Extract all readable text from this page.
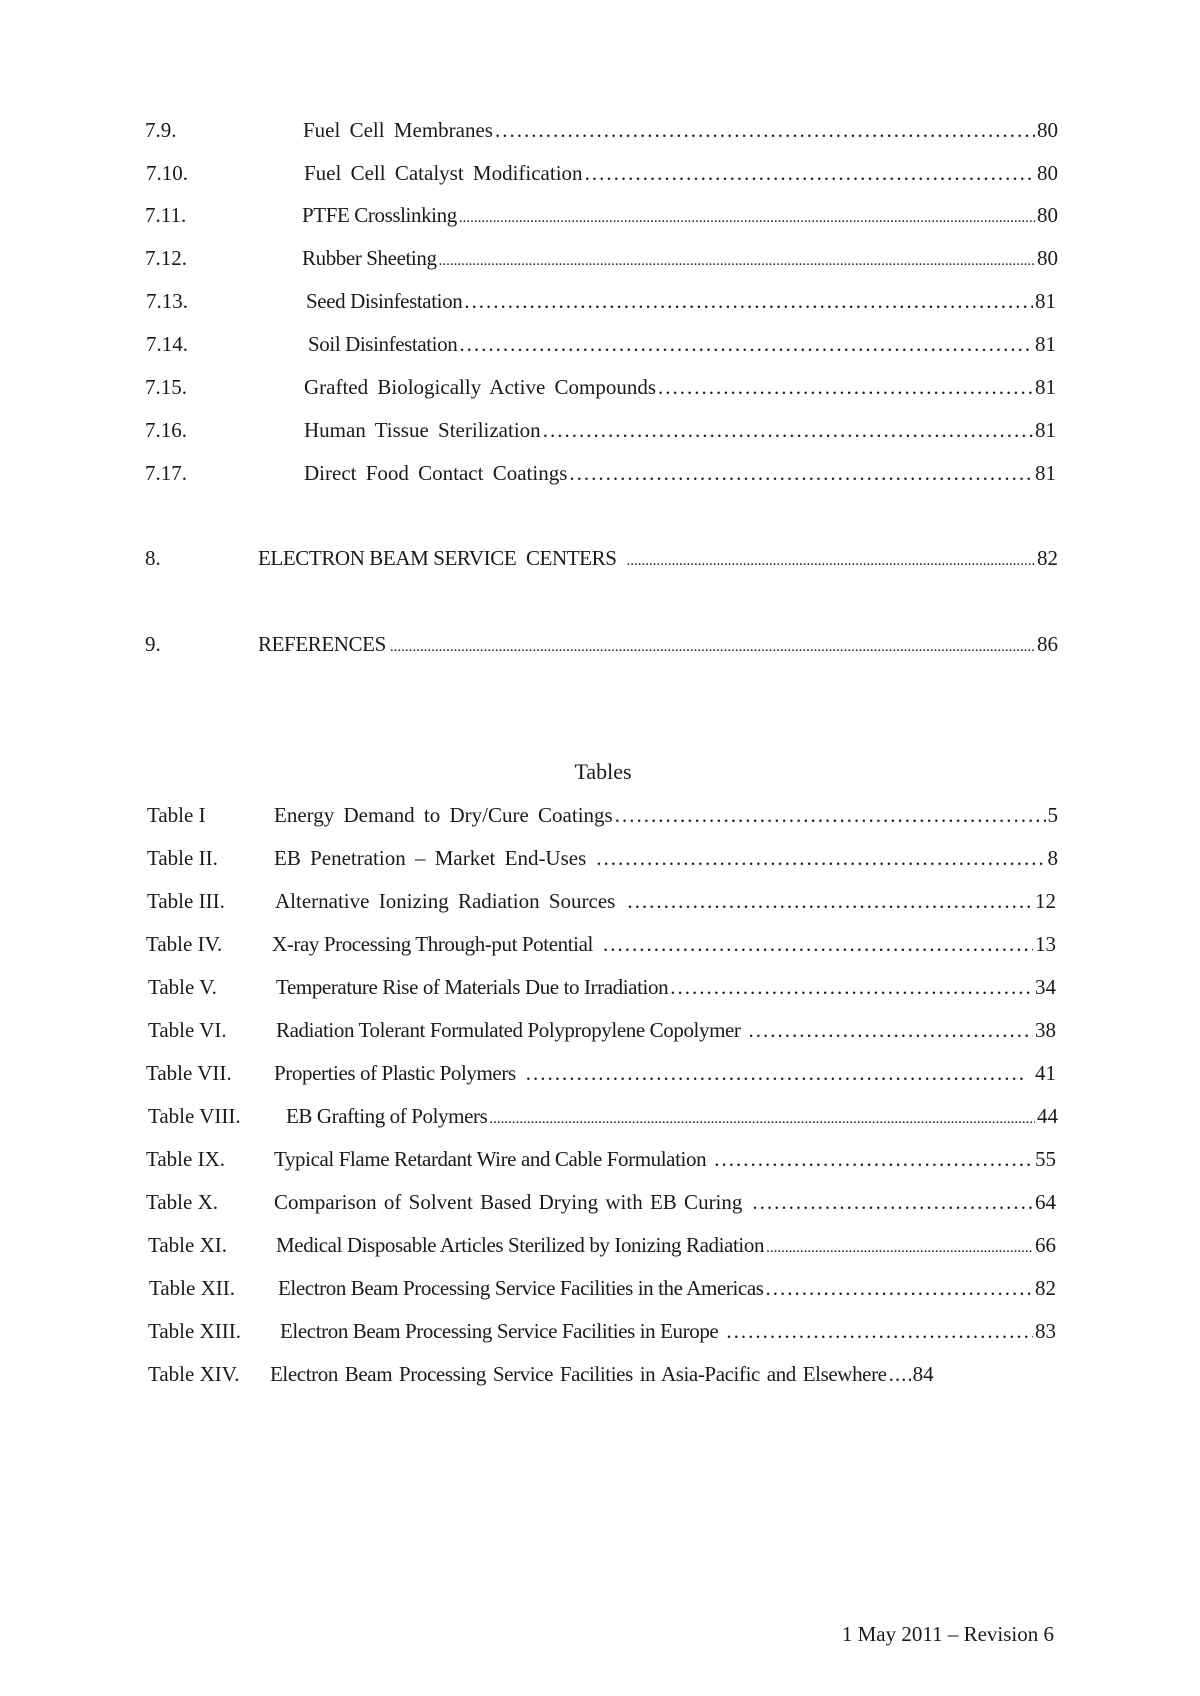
7.9.	Fuel Cell Membranes .....	80
7.10.	Fuel Cell Catalyst Modification .....	80
7.11.	PTFE Crosslinking .....	80
7.12.	Rubber Sheeting .....	80
7.13.	Seed Disinfestation .....	81
7.14.	Soil Disinfestation .....	81
7.15.	Grafted Biologically Active Compounds .....	81
7.16.	Human Tissue Sterilization .....	81
7.17.	Direct Food Contact Coatings .....	81
8.	ELECTRON BEAM SERVICE  CENTERS .....	82
9.	REFERENCES .....	86
Tables
Table I	Energy Demand to Dry/Cure Coatings .....	5
Table II.	EB Penetration – Market End-Uses .....	8
Table III. Alternative Ionizing Radiation Sources .....	12
Table IV. X-ray Processing Through-put Potential .....	13
Table V.	Temperature Rise of Materials Due to Irradiation .....	34
Table VI. Radiation Tolerant Formulated Polypropylene Copolymer .....	38
Table VII. Properties of Plastic Polymers .....	41
Table VIII. EB Grafting of Polymers .....	44
Table IX. Typical Flame Retardant Wire and Cable Formulation .....	55
Table X.	Comparison of Solvent Based Drying with EB Curing .....	64
Table XI. Medical Disposable Articles Sterilized by Ionizing Radiation .....	66
Table XII. Electron Beam Processing Service Facilities in the Americas .....	82
Table XIII. Electron Beam Processing Service Facilities in Europe .....	83
Table XIV. Electron Beam Processing Service Facilities in Asia-Pacific and Elsewhere ..... 84
1 May 2011 – Revision 6
